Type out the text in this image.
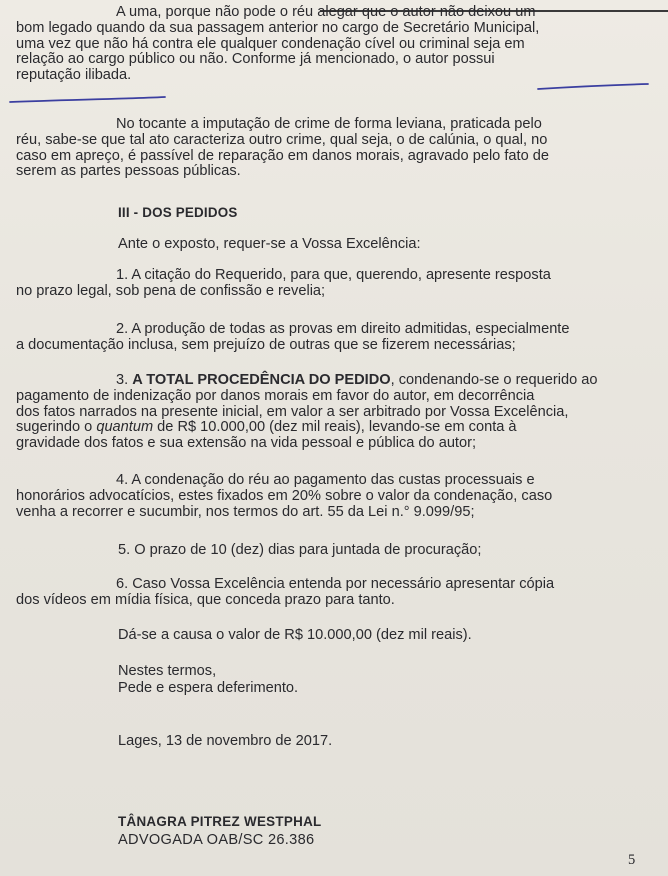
A uma, porque não pode o réu alegar que o autor não deixou um
bom legado quando da sua passagem anterior no cargo de Secretário Municipal,
uma vez que não há contra ele qualquer condenação cível ou criminal seja em
relação ao cargo público ou não. Conforme já mencionado, o autor possui
reputação ilibada.
No tocante a imputação de crime de forma leviana, praticada pelo
réu, sabe-se que tal ato caracteriza outro crime, qual seja, o de calúnia, o qual, no
caso em apreço, é passível de reparação em danos morais, agravado pelo fato de
serem as partes pessoas públicas.
III - DOS PEDIDOS
Ante o exposto, requer-se a Vossa Excelência:
1. A citação do Requerido, para que, querendo, apresente resposta
no prazo legal, sob pena de confissão e revelia;
2. A produção de todas as provas em direito admitidas, especialmente
a documentação inclusa, sem prejuízo de outras que se fizerem necessárias;
3. A TOTAL PROCEDÊNCIA DO PEDIDO, condenando-se o requerido ao
pagamento de indenização por danos morais em favor do autor, em decorrência
dos fatos narrados na presente inicial, em valor a ser arbitrado por Vossa Excelência,
sugerindo o quantum de R$ 10.000,00 (dez mil reais), levando-se em conta à
gravidade dos fatos e sua extensão na vida pessoal e pública do autor;
4. A condenação do réu ao pagamento das custas processuais e
honorários advocatícios, estes fixados em 20% sobre o valor da condenação, caso
venha a recorrer e sucumbir, nos termos do art. 55 da Lei n.° 9.099/95;
5. O prazo de 10 (dez) dias para juntada de procuração;
6. Caso Vossa Excelência entenda por necessário apresentar cópia
dos vídeos em mídia física, que conceda prazo para tanto.
Dá-se a causa o valor de R$ 10.000,00 (dez mil reais).
Nestes termos,
Pede e espera deferimento.
Lages, 13 de novembro de 2017.
TÂNAGRA PITREZ WESTPHAL
ADVOGADA OAB/SC 26.386
5
